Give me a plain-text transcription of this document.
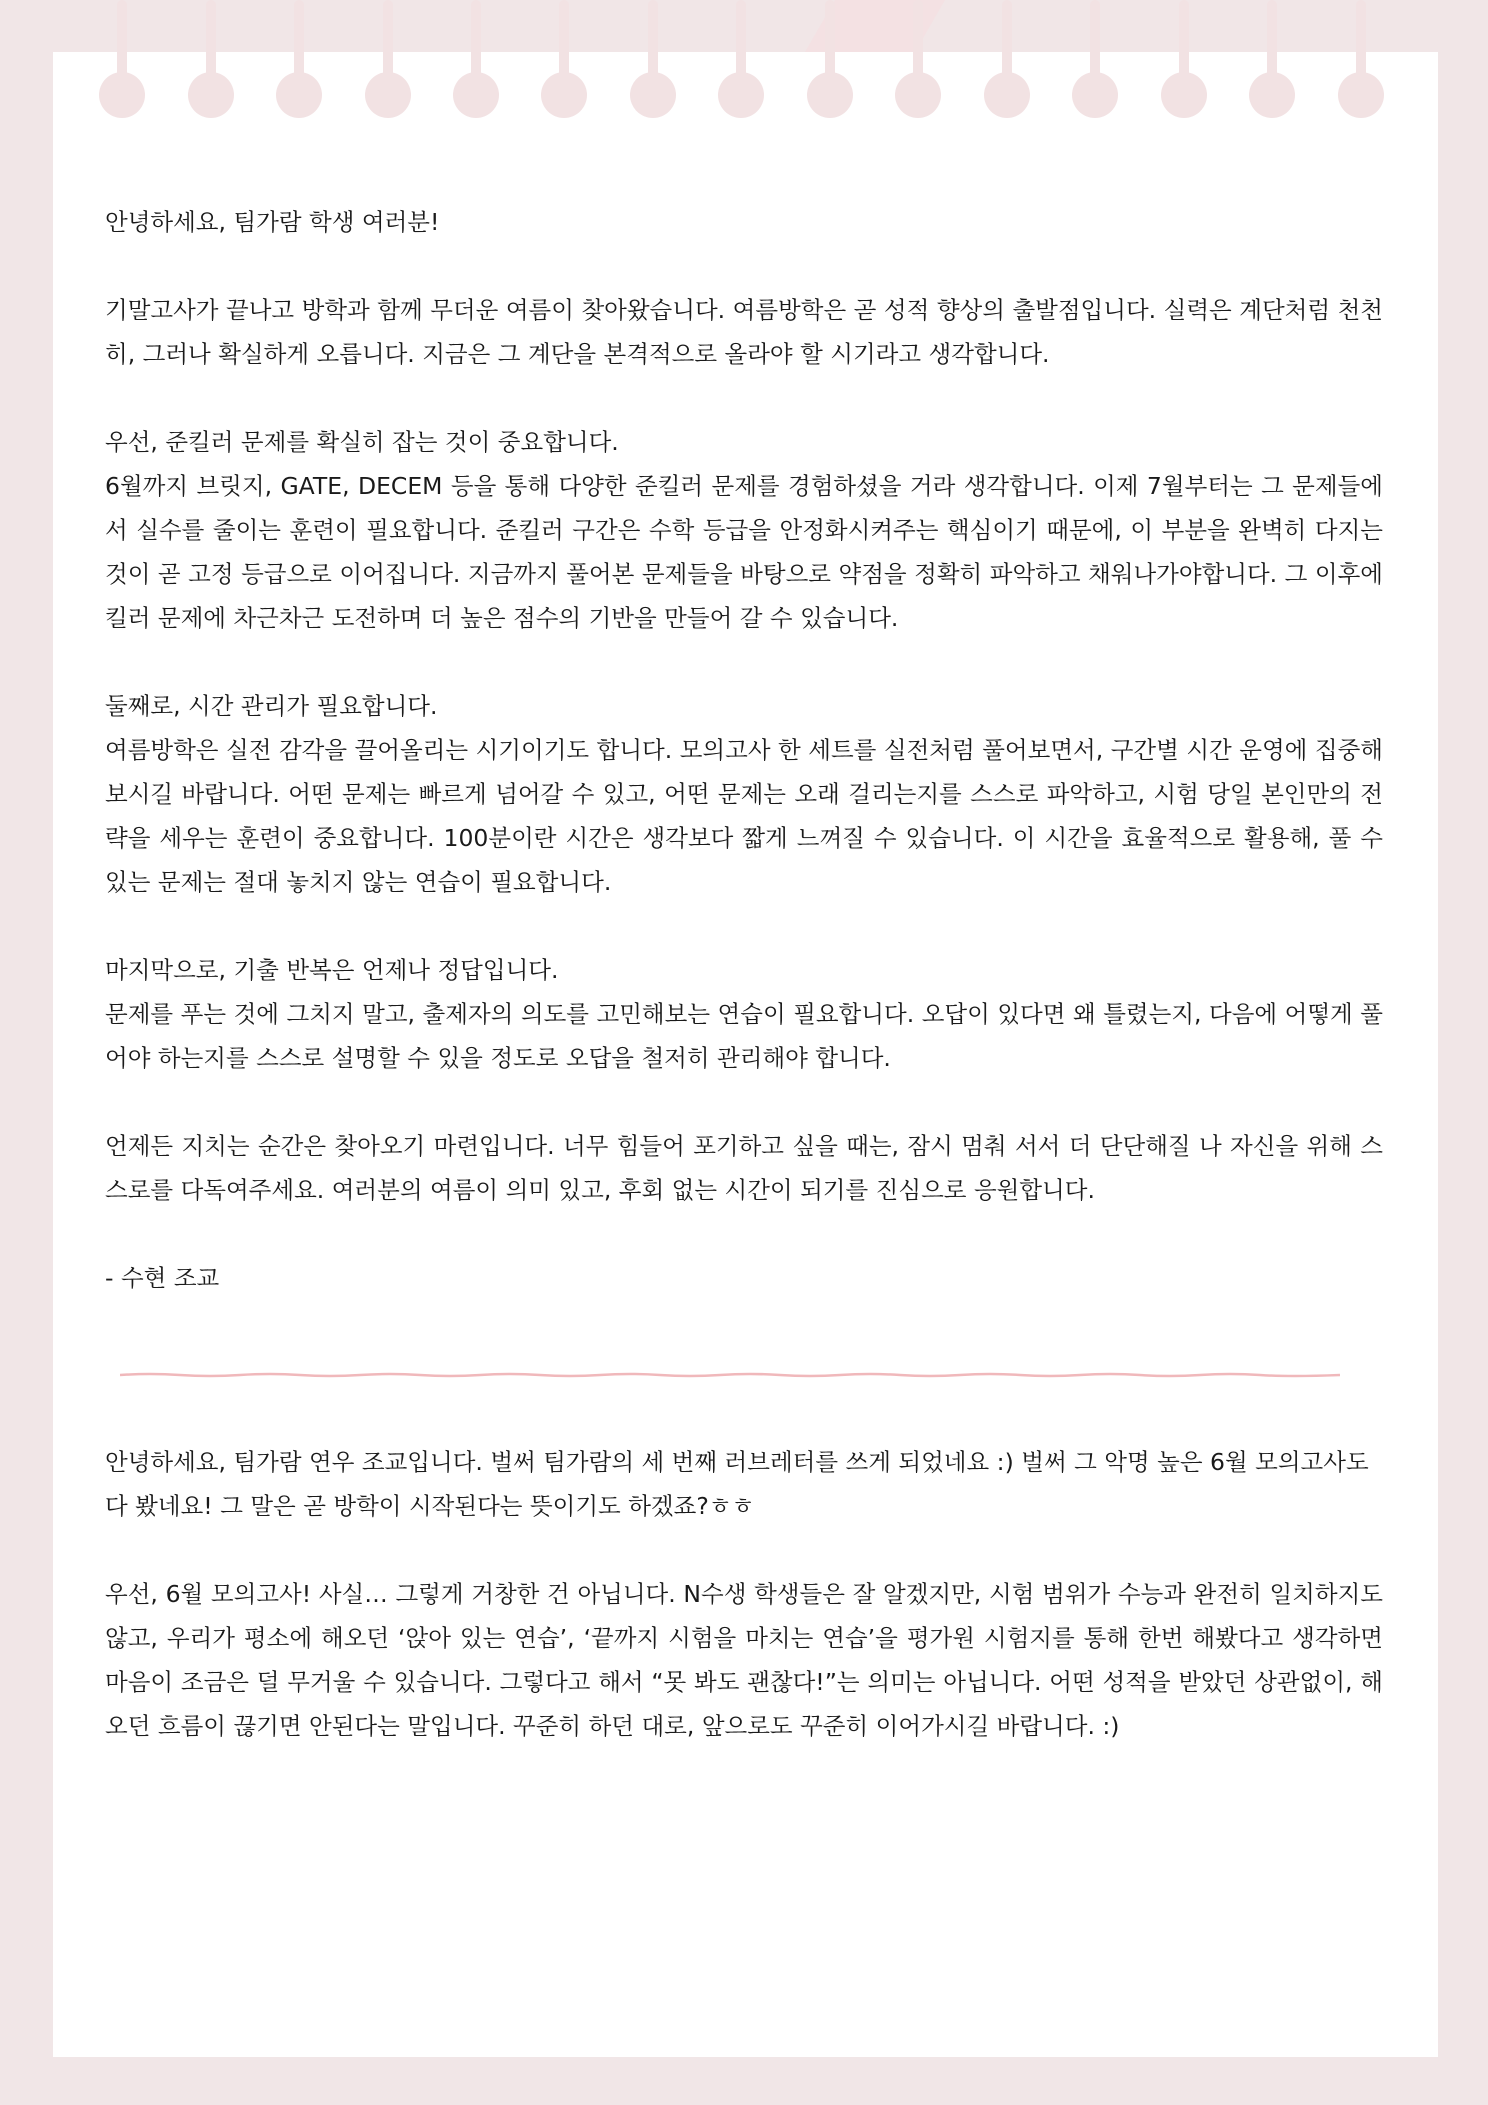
안녕하세요, 팀가람 학생 여러분!

기말고사가 끝나고 방학과 함께 무더운 여름이 찾아왔습니다. 여름방학은 곧 성적 향상의 출발점입니다. 실력은 계단처럼 천천히, 그러나 확실하게 오릅니다. 지금은 그 계단을 본격적으로 올라야 할 시기라고 생각합니다.

우선, 준킬러 문제를 확실히 잡는 것이 중요합니다.
6월까지 브릿지, GATE, DECEM 등을 통해 다양한 준킬러 문제를 경험하셨을 거라 생각합니다. 이제 7월부터는 그 문제들에서 실수를 줄이는 훈련이 필요합니다. 준킬러 구간은 수학 등급을 안정화시켜주는 핵심이기 때문에, 이 부분을 완벽히 다지는 것이 곧 고정 등급으로 이어집니다. 지금까지 풀어본 문제들을 바탕으로 약점을 정확히 파악하고 채워나가야합니다. 그 이후에 킬러 문제에 차근차근 도전하며 더 높은 점수의 기반을 만들어 갈 수 있습니다.

둘째로, 시간 관리가 필요합니다.
여름방학은 실전 감각을 끌어올리는 시기이기도 합니다. 모의고사 한 세트를 실전처럼 풀어보면서, 구간별 시간 운영에 집중해보시길 바랍니다. 어떤 문제는 빠르게 넘어갈 수 있고, 어떤 문제는 오래 걸리는지를 스스로 파악하고, 시험 당일 본인만의 전략을 세우는 훈련이 중요합니다. 100분이란 시간은 생각보다 짧게 느껴질 수 있습니다. 이 시간을 효율적으로 활용해, 풀 수 있는 문제는 절대 놓치지 않는 연습이 필요합니다.

마지막으로, 기출 반복은 언제나 정답입니다.
문제를 푸는 것에 그치지 말고, 출제자의 의도를 고민해보는 연습이 필요합니다. 오답이 있다면 왜 틀렸는지, 다음에 어떻게 풀어야 하는지를 스스로 설명할 수 있을 정도로 오답을 철저히 관리해야 합니다.

언제든 지치는 순간은 찾아오기 마련입니다. 너무 힘들어 포기하고 싶을 때는, 잠시 멈춰 서서 더 단단해질 나 자신을 위해 스스로를 다독여주세요. 여러분의 여름이 의미 있고, 후회 없는 시간이 되기를 진심으로 응원합니다.

- 수현 조교

안녕하세요, 팀가람 연우 조교입니다. 벌써 팀가람의 세 번째 러브레터를 쓰게 되었네요 :) 벌써 그 악명 높은 6월 모의고사도 다 봤네요! 그 말은 곧 방학이 시작된다는 뜻이기도 하겠죠?ㅎㅎ

우선, 6월 모의고사! 사실… 그렇게 거창한 건 아닙니다. N수생 학생들은 잘 알겠지만, 시험 범위가 수능과 완전히 일치하지도 않고, 우리가 평소에 해오던 ‘앉아 있는 연습’, ‘끝까지 시험을 마치는 연습’을 평가원 시험지를 통해 한번 해봤다고 생각하면 마음이 조금은 덜 무거울 수 있습니다. 그렇다고 해서 “못 봐도 괜찮다!”는 의미는 아닙니다. 어떤 성적을 받았던 상관없이, 해오던 흐름이 끊기면 안된다는 말입니다. 꾸준히 하던 대로, 앞으로도 꾸준히 이어가시길 바랍니다. :)
